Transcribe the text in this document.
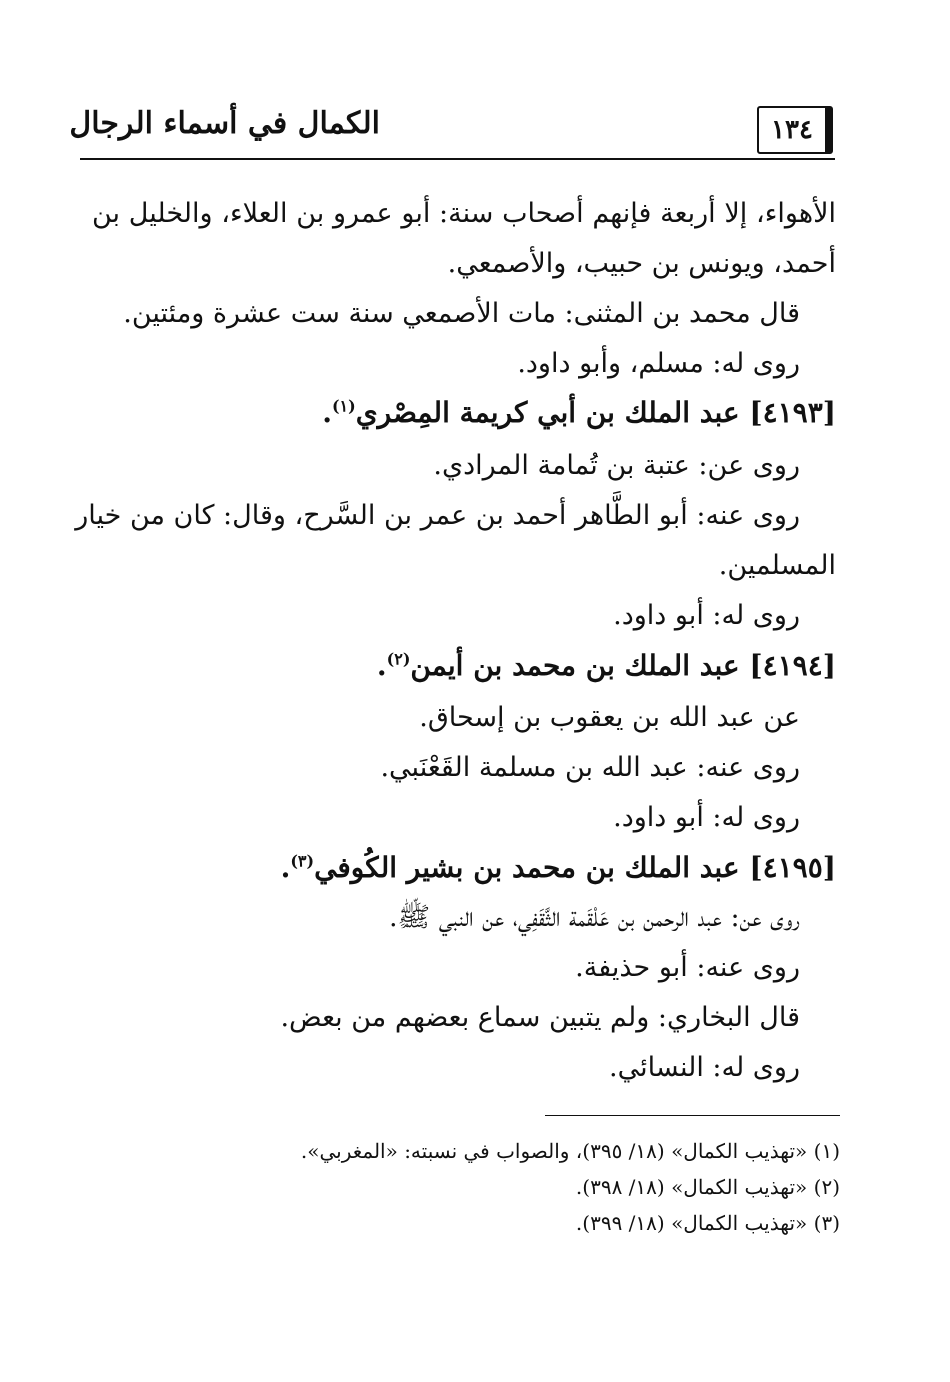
الكمال في أسماء الرجال	١٣٤
الأهواء، إلا أربعة فإنهم أصحاب سنة: أبو عمرو بن العلاء، والخليل بن
أحمد، ويونس بن حبيب، والأصمعي.
قال محمد بن المثنى: مات الأصمعي سنة ست عشرة ومئتين.
روى له: مسلم، وأبو داود.
[٤١٩٣] عبد الملك بن أبي كريمة المِصْري$^{(١)}$.
روى عن: عتبة بن تُمامة المرادي.
روى عنه: أبو الطَّاهر أحمد بن عمر بن السَّرح، وقال: كان من خيار
المسلمين.
روى له: أبو داود.
[٤١٩٤] عبد الملك بن محمد بن أيمن$^{(٢)}$.
عن عبد الله بن يعقوب بن إسحاق.
روى عنه: عبد الله بن مسلمة القَعْنَبي.
روى له: أبو داود.
[٤١٩٥] عبد الملك بن محمد بن بشير الكُوفي$^{(٣)}$.
روى عن: عبد الرحمن بن عَلْقَمة الثَّقَفِي، عن النبي ﷺ.
روى عنه: أبو حذيفة.
قال البخاري: ولم يتبين سماع بعضهم من بعض.
روى له: النسائي.
(١) «تهذيب الكمال» (١٨/ ٣٩٥)، والصواب في نسبته: «المغربي».
(٢) «تهذيب الكمال» (١٨/ ٣٩٨).
(٣) «تهذيب الكمال» (١٨/ ٣٩٩).
